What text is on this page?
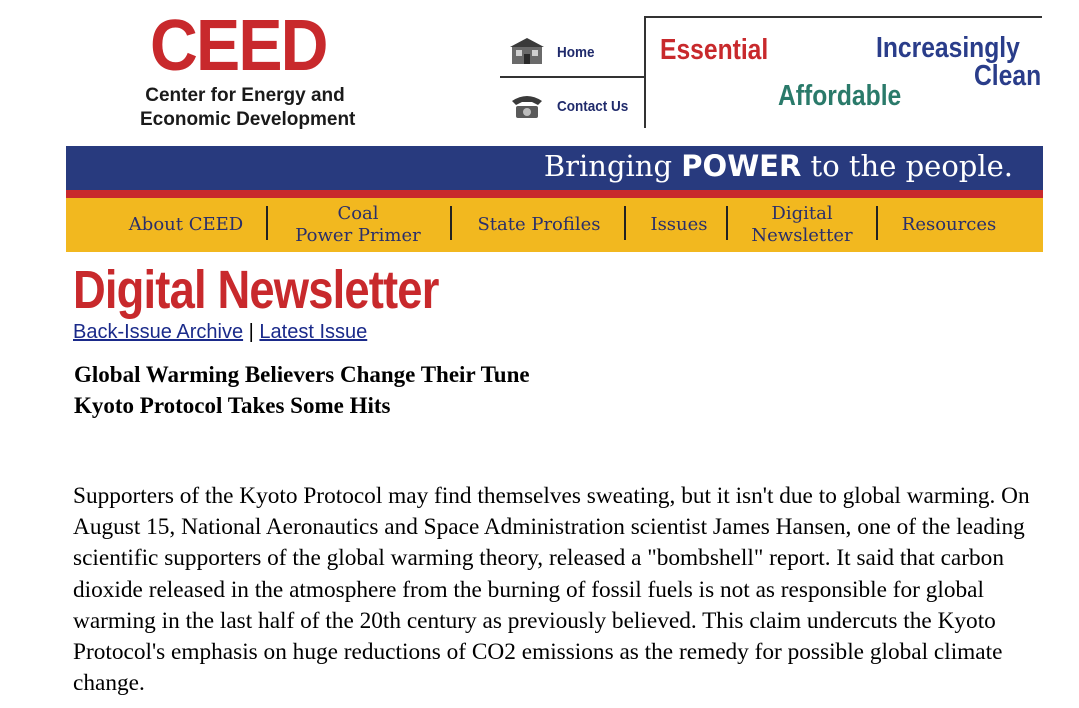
CEED
Center for Energy and
Economic Development
Home
Contact Us
Essential
Affordable
Increasingly
Clean
Bringing POWER to the people.
About CEED
Coal
Power Primer
State Profiles	Issues
Digital
Newsletter
Resources
Digital Newsletter
Back-Issue Archive | Latest Issue
Global Warming Believers Change Their Tune
Kyoto Protocol Takes Some Hits
Supporters of the Kyoto Protocol may find themselves sweating, but it isn't due to global warming. On August 15, National Aeronautics and Space Administration scientist James Hansen, one of the leading scientific supporters of the global warming theory, released a "bombshell" report. It said that carbon dioxide released in the atmosphere from the burning of fossil fuels is not as responsible for global warming in the last half of the 20th century as previously believed. This claim undercuts the Kyoto Protocol's emphasis on huge reductions of CO2 emissions as the remedy for possible global climate change.
